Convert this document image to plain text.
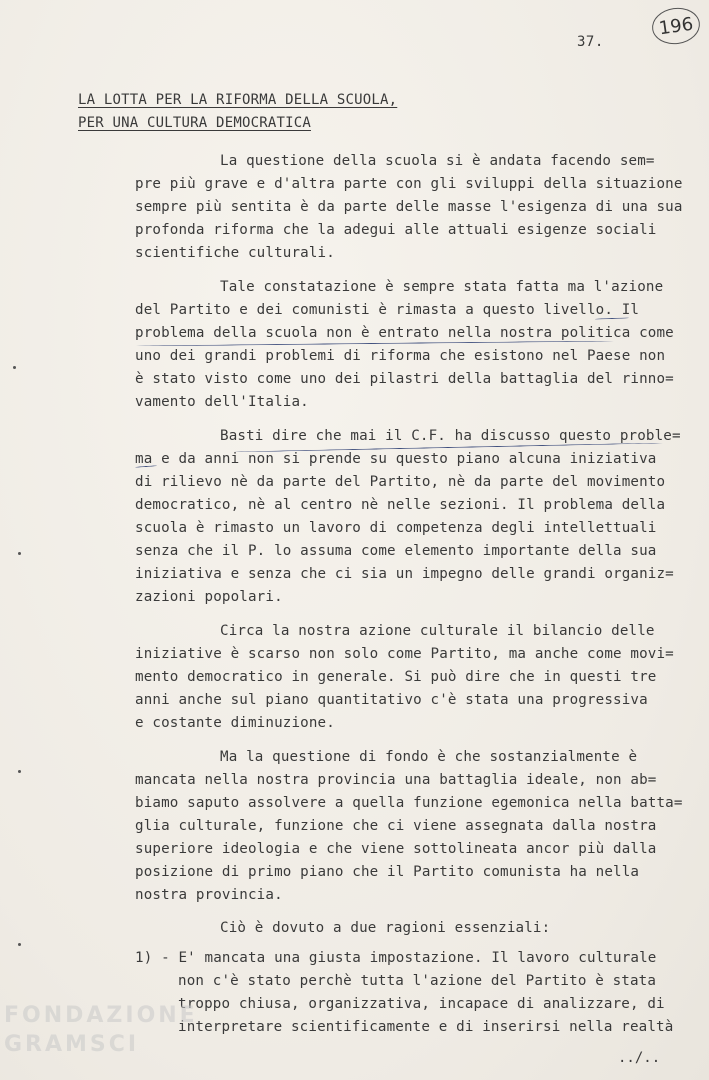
37.
196
LA LOTTA PER LA RIFORMA DELLA SCUOLA,
PER UNA CULTURA DEMOCRATICA
La questione della scuola si è andata facendo sem=
pre più grave e d'altra parte con gli sviluppi della situazione
sempre più sentita è da parte delle masse l'esigenza di una sua
profonda riforma che la adegui alle attuali esigenze sociali
scientifiche culturali.
Tale constatazione è sempre stata fatta ma l'azione
del Partito e dei comunisti è rimasta a questo livello. Il
problema della scuola non è entrato nella nostra politica come
uno dei grandi problemi di riforma che esistono nel Paese non
è stato visto come uno dei pilastri della battaglia del rinno=
vamento dell'Italia.
Basti dire che mai il C.F. ha discusso questo proble=
ma e da anni non si prende su questo piano alcuna iniziativa
di rilievo nè da parte del Partito, nè da parte del movimento
democratico, nè al centro nè nelle sezioni. Il problema della
scuola è rimasto un lavoro di competenza degli intellettuali
senza che il P. lo assuma come elemento importante della sua
iniziativa e senza che ci sia un impegno delle grandi organiz=
zazioni popolari.
Circa la nostra azione culturale il bilancio delle
iniziative è scarso non solo come Partito, ma anche come movi=
mento democratico in generale. Si può dire che in questi tre
anni anche sul piano quantitativo c'è stata una progressiva
e costante diminuzione.
Ma la questione di fondo è che sostanzialmente è
mancata nella nostra provincia una battaglia ideale, non ab=
biamo saputo assolvere a quella funzione egemonica nella batta=
glia culturale, funzione che ci viene assegnata dalla nostra
superiore ideologia e che viene sottolineata ancor più dalla
posizione di primo piano che il Partito comunista ha nella
nostra provincia.
Ciò è dovuto a due ragioni essenziali:
1) - E' mancata una giusta impostazione. Il lavoro culturale
non c'è stato perchè tutta l'azione del Partito è stata
troppo chiusa, organizzativa, incapace di analizzare, di
interpretare scientificamente e di inserirsi nella realtà
FONDAZIONE
GRAMSCI
../..
